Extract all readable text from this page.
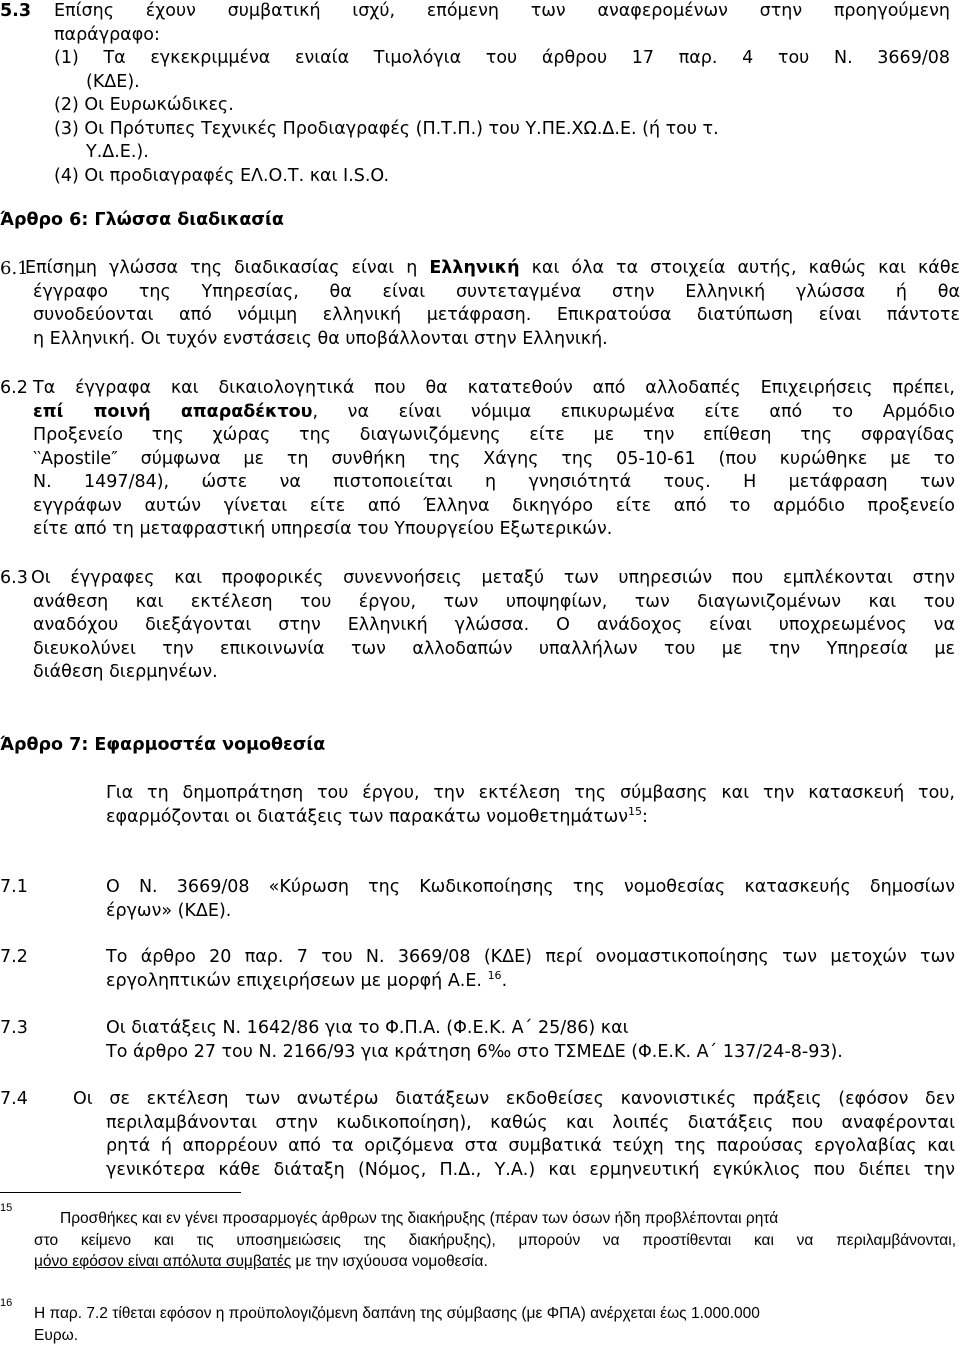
5.3 Επίσης έχουν συμβατική ισχύ, επόμενη των αναφερομένων στην προηγούμενη
παράγραφο:
(1) Τα εγκεκριμμένα ενιαία Τιμολόγια του άρθρου 17 παρ. 4 του Ν. 3669/08
(ΚΔΕ).
(2) Οι Ευρωκώδικες.
(3) Οι Πρότυπες Τεχνικές Προδιαγραφές (Π.Τ.Π.) του Υ.ΠΕ.ΧΩ.Δ.Ε. (ή του τ.
Υ.Δ.Ε.).
(4) Οι προδιαγραφές ΕΛ.Ο.Τ. και I.S.O.
Άρθρο 6: Γλώσσα διαδικασία
6.1
Επίσημη γλώσσα της διαδικασίας είναι η Ελληνική και όλα τα στοιχεία αυτής, καθώς και κάθε
έγγραφο της Υπηρεσίας, θα είναι συντεταγμένα στην Ελληνική γλώσσα ή θα
συνοδεύονται από νόμιμη ελληνική μετάφραση. Επικρατούσα διατύπωση είναι πάντοτε
η Ελληνική. Οι τυχόν ενστάσεις θα υποβάλλονται στην Ελληνική.
6.2 Τα έγγραφα και δικαιολογητικά που θα κατατεθούν από αλλοδαπές Επιχειρήσεις πρέπει,
επί ποινή απαραδέκτου, να είναι νόμιμα επικυρωμένα είτε από το Αρμόδιο
Προξενείο της χώρας της διαγωνιζόμενης είτε με την επίθεση της σφραγίδας
‵‵Apostile″ σύμφωνα με τη συνθήκη της Χάγης της 05-10-61 (που κυρώθηκε με το
Ν. 1497/84), ώστε να πιστοποιείται η γνησιότητά τους. Η μετάφραση των
εγγράφων αυτών γίνεται είτε από Έλληνα δικηγόρο είτε από το αρμόδιο προξενείο
είτε από τη μεταφραστική υπηρεσία του Υπουργείου Εξωτερικών.
6.3 Οι έγγραφες και προφορικές συνεννοήσεις μεταξύ των υπηρεσιών που εμπλέκονται στην
ανάθεση και εκτέλεση του έργου, των υποψηφίων, των διαγωνιζομένων και του
αναδόχου διεξάγονται στην Ελληνική γλώσσα. Ο ανάδοχος είναι υποχρεωμένος να
διευκολύνει την επικοινωνία των αλλοδαπών υπαλλήλων του με την Υπηρεσία με
διάθεση διερμηνέων.
Άρθρο 7: Εφαρμοστέα νομοθεσία
Για τη δημοπράτηση του έργου, την εκτέλεση της σύμβασης και την κατασκευή του,
εφαρμόζονται οι διατάξεις των παρακάτω νομοθετημάτων$^{15}$:
7.1	Ο Ν. 3669/08 «Κύρωση της Κωδικοποίησης της νομοθεσίας κατασκευής δημοσίων
έργων» (ΚΔΕ).
7.2	Το άρθρο 20 παρ. 7 του Ν. 3669/08 (ΚΔΕ) περί ονομαστικοποίησης των μετοχών των
εργοληπτικών επιχειρήσεων με μορφή Α.Ε. $^{16}$.
7.3	Οι διατάξεις Ν. 1642/86 για το Φ.Π.Α. (Φ.Ε.Κ. Α΄ 25/86) και
Το άρθρο 27 του Ν. 2166/93 για κράτηση 6‰ στο ΤΣΜΕΔΕ (Φ.Ε.Κ. Α΄ 137/24-8-93).
7.4	Οι σε εκτέλεση των ανωτέρω διατάξεων εκδοθείσες κανονιστικές πράξεις (εφόσον δεν
περιλαμβάνονται στην κωδικοποίηση), καθώς και λοιπές διατάξεις που αναφέρονται
ρητά ή απορρέουν από τα οριζόμενα στα συμβατικά τεύχη της παρούσας εργολαβίας και
γενικότερα κάθε διάταξη (Νόμος, Π.Δ., Υ.Α.) και ερμηνευτική εγκύκλιος που διέπει την
15
Προσθήκες και εν γένει προσαρμογές άρθρων της διακήρυξης (πέραν των όσων ήδη προβλέπονται ρητά
στο κείμενο και τις υποσημειώσεις της διακήρυξης), μπορούν να προστίθενται και να περιλαμβάνονται,
μόνο εφόσον είναι απόλυτα συμβατές με την ισχύουσα νομοθεσία.
16
Η παρ. 7.2 τίθεται εφόσον η προϋπολογιζόμενη δαπάνη της σύμβασης (με ΦΠΑ) ανέρχεται έως 1.000.000
Ευρω.
